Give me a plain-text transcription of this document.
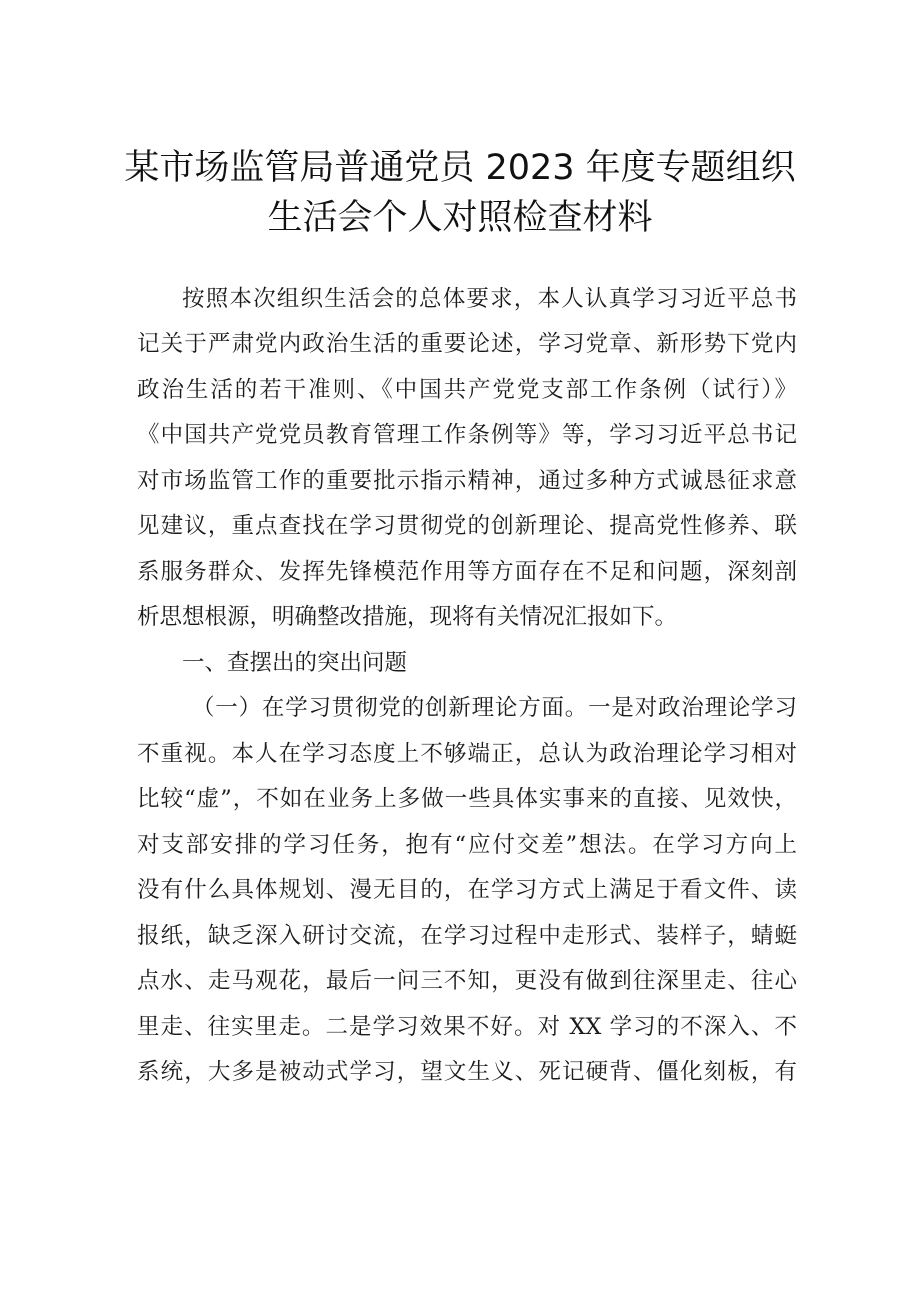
某市场监管局普通党员 2023 年度专题组织
生活会个人对照检查材料
按照本次组织生活会的总体要求，本人认真学习习近平总书
记关于严肃党内政治生活的重要论述，学习党章、新形势下党内
政治生活的若干准则、《中国共产党党支部工作条例（试行）》
《中国共产党党员教育管理工作条例等》等，学习习近平总书记
对市场监管工作的重要批示指示精神，通过多种方式诚恳征求意
见建议，重点查找在学习贯彻党的创新理论、提高党性修养、联
系服务群众、发挥先锋模范作用等方面存在不足和问题，深刻剖
析思想根源，明确整改措施，现将有关情况汇报如下。
一、查摆出的突出问题
（一）在学习贯彻党的创新理论方面。一是对政治理论学习
不重视。本人在学习态度上不够端正，总认为政治理论学习相对
比较“虚”，不如在业务上多做一些具体实事来的直接、见效快，
对支部安排的学习任务，抱有“应付交差”想法。在学习方向上
没有什么具体规划、漫无目的，在学习方式上满足于看文件、读
报纸，缺乏深入研讨交流，在学习过程中走形式、装样子，蜻蜓
点水、走马观花，最后一问三不知，更没有做到往深里走、往心
里走、往实里走。二是学习效果不好。对 XX 学习的不深入、不
系统，大多是被动式学习，望文生义、死记硬背、僵化刻板，有
